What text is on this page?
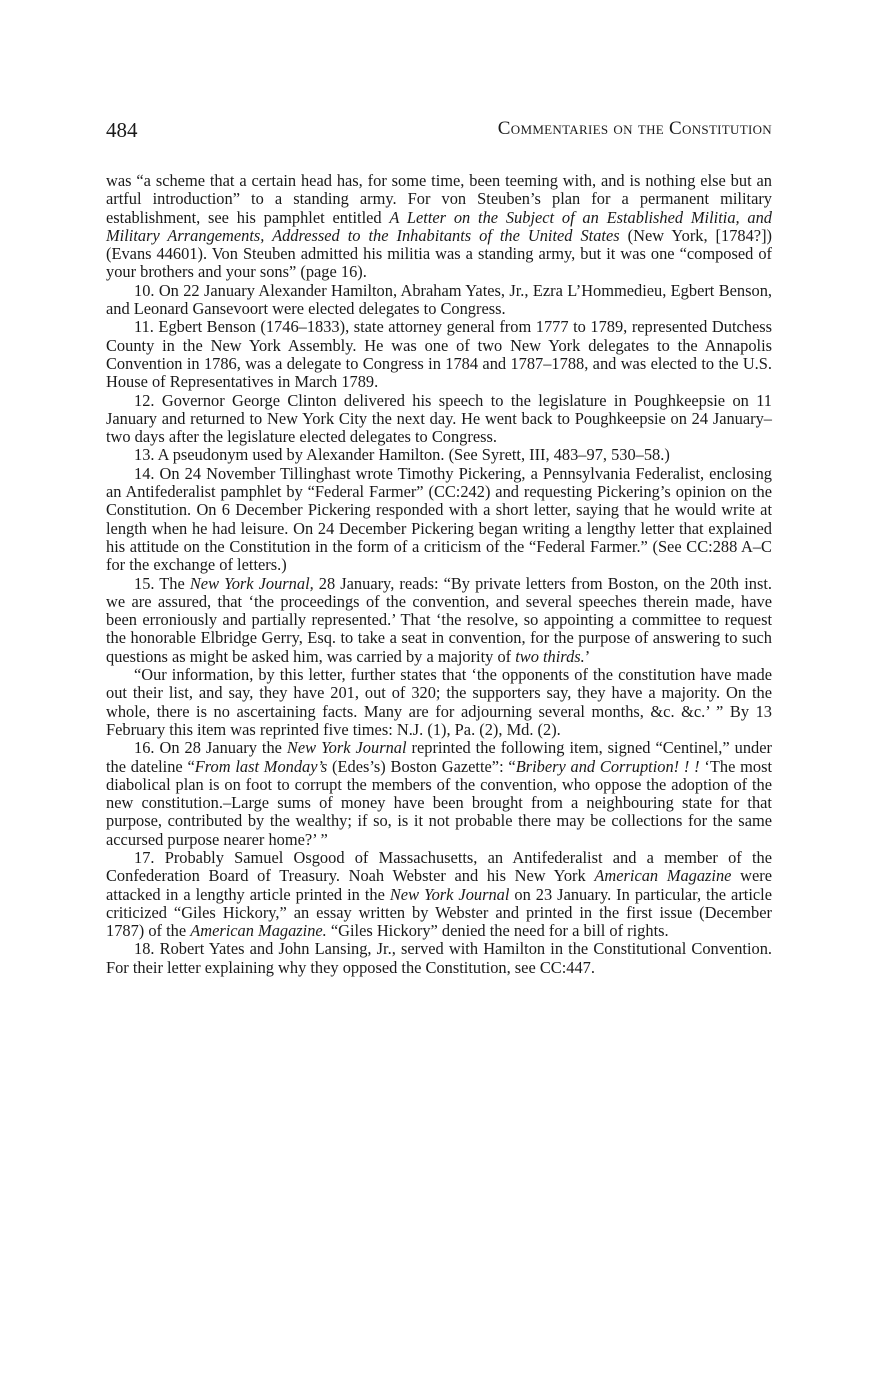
484	Commentaries on the Constitution

was “a scheme that a certain head has, for some time, been teeming with, and is nothing else but an artful introduction” to a standing army. For von Steuben’s plan for a permanent military establishment, see his pamphlet entitled A Letter on the Subject of an Established Militia, and Military Arrangements, Addressed to the Inhabitants of the United States (New York, [1784?]) (Evans 44601). Von Steuben admitted his militia was a standing army, but it was one “composed of your brothers and your sons” (page 16).

10. On 22 January Alexander Hamilton, Abraham Yates, Jr., Ezra L’Hommedieu, Egbert Benson, and Leonard Gansevoort were elected delegates to Congress.

11. Egbert Benson (1746–1833), state attorney general from 1777 to 1789, represented Dutchess County in the New York Assembly. He was one of two New York delegates to the Annapolis Convention in 1786, was a delegate to Congress in 1784 and 1787–1788, and was elected to the U.S. House of Representatives in March 1789.

12. Governor George Clinton delivered his speech to the legislature in Poughkeepsie on 11 January and returned to New York City the next day. He went back to Poughkeepsie on 24 January–two days after the legislature elected delegates to Congress.

13. A pseudonym used by Alexander Hamilton. (See Syrett, III, 483–97, 530–58.)

14. On 24 November Tillinghast wrote Timothy Pickering, a Pennsylvania Federalist, enclosing an Antifederalist pamphlet by “Federal Farmer” (CC:242) and requesting Pickering’s opinion on the Constitution. On 6 December Pickering responded with a short letter, saying that he would write at length when he had leisure. On 24 December Pickering began writing a lengthy letter that explained his attitude on the Constitution in the form of a criticism of the “Federal Farmer.” (See CC:288 A–C for the exchange of letters.)

15. The New York Journal, 28 January, reads: “By private letters from Boston, on the 20th inst. we are assured, that ‘the proceedings of the convention, and several speeches therein made, have been erroniously and partially represented.’ That ‘the resolve, so appointing a committee to request the honorable Elbridge Gerry, Esq. to take a seat in convention, for the purpose of answering to such questions as might be asked him, was carried by a majority of two thirds.’

“Our information, by this letter, further states that ‘the opponents of the constitution have made out their list, and say, they have 201, out of 320; the supporters say, they have a majority. On the whole, there is no ascertaining facts. Many are for adjourning several months, &c. &c.’ ” By 13 February this item was reprinted five times: N.J. (1), Pa. (2), Md. (2).

16. On 28 January the New York Journal reprinted the following item, signed “Centinel,” under the dateline “From last Monday’s (Edes’s) Boston Gazette”: “Bribery and Corruption! ! ! ‘The most diabolical plan is on foot to corrupt the members of the convention, who oppose the adoption of the new constitution.–Large sums of money have been brought from a neighbouring state for that purpose, contributed by the wealthy; if so, is it not probable there may be collections for the same accursed purpose nearer home?’ ”

17. Probably Samuel Osgood of Massachusetts, an Antifederalist and a member of the Confederation Board of Treasury. Noah Webster and his New York American Magazine were attacked in a lengthy article printed in the New York Journal on 23 January. In particular, the article criticized “Giles Hickory,” an essay written by Webster and printed in the first issue (December 1787) of the American Magazine. “Giles Hickory” denied the need for a bill of rights.

18. Robert Yates and John Lansing, Jr., served with Hamilton in the Constitutional Convention. For their letter explaining why they opposed the Constitution, see CC:447.
